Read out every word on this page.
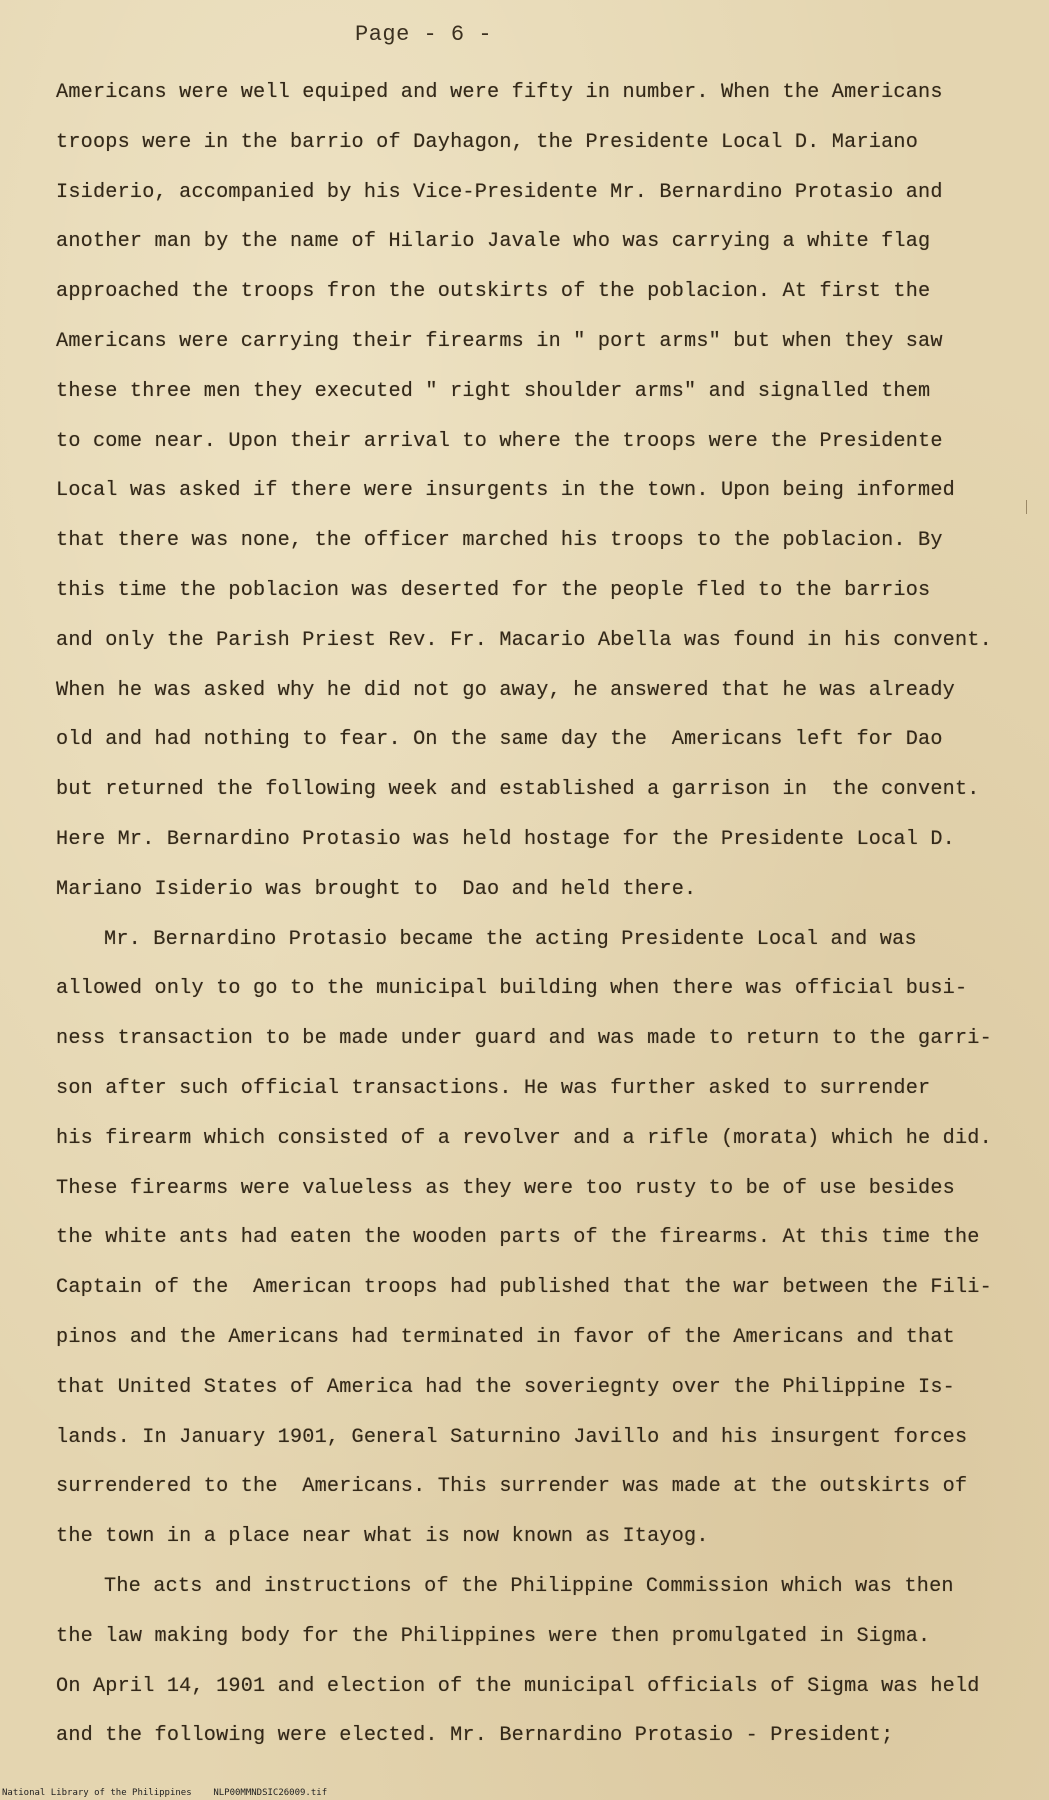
Page - 6 -
Americans were well equiped and were fifty in number. When the Americans
troops were in the barrio of Dayhagon, the Presidente Local D. Mariano
Isiderio, accompanied by his Vice-Presidente Mr. Bernardino Protasio and
another man by the name of Hilario Javale who was carrying a white flag
approached the troops fron the outskirts of the poblacion. At first the
Americans were carrying their firearms in " port arms" but when they saw
these three men they executed " right shoulder arms" and signalled them
to come near. Upon their arrival to where the troops were the Presidente
Local was asked if there were insurgents in the town. Upon being informed
that there was none, the officer marched his troops to the poblacion. By
this time the poblacion was deserted for the people fled to the barrios
and only the Parish Priest Rev. Fr. Macario Abella was found in his convent.
When he was asked why he did not go away, he answered that he was already
old and had nothing to fear. On the same day the  Americans left for Dao
but returned the following week and established a garrison in  the convent.
Here Mr. Bernardino Protasio was held hostage for the Presidente Local D.
Mariano Isiderio was brought to  Dao and held there.
Mr. Bernardino Protasio became the acting Presidente Local and was
allowed only to go to the municipal building when there was official busi-
ness transaction to be made under guard and was made to return to the garri-
son after such official transactions. He was further asked to surrender
his firearm which consisted of a revolver and a rifle (morata) which he did.
These firearms were valueless as they were too rusty to be of use besides
the white ants had eaten the wooden parts of the firearms. At this time the
Captain of the  American troops had published that the war between the Fili-
pinos and the Americans had terminated in favor of the Americans and that
that United States of America had the soveriegnty over the Philippine Is-
lands. In January 1901, General Saturnino Javillo and his insurgent forces
surrendered to the  Americans. This surrender was made at the outskirts of
the town in a place near what is now known as Itayog.
The acts and instructions of the Philippine Commission which was then
the law making body for the Philippines were then promulgated in Sigma.
On April 14, 1901 and election of the municipal officials of Sigma was held
and the following were elected. Mr. Bernardino Protasio - President;
National Library of the Philippines    NLP00MMNDSIC26009.tif
